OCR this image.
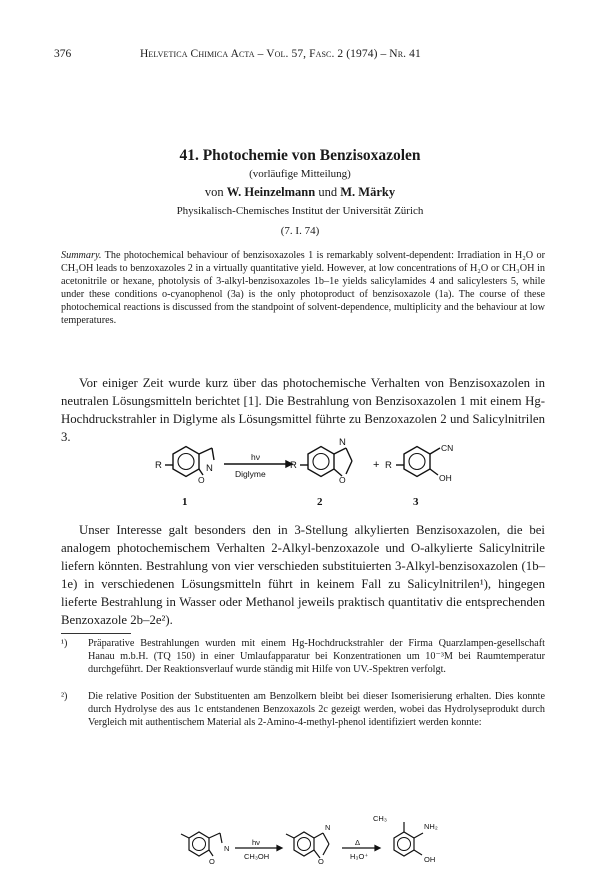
376	Helvetica Chimica Acta – Vol. 57, Fasc. 2 (1974) – Nr. 41
41. Photochemie von Benzisoxazolen
(vorläufige Mitteilung)
von W. Heinzelmann und M. Märky
Physikalisch-Chemisches Institut der Universität Zürich
(7. I. 74)
Summary. The photochemical behaviour of benzisoxazoles 1 is remarkably solvent-dependent: Irradiation in H₂O or CH₃OH leads to benzoxazoles 2 in a virtually quantitative yield. However, at low concentrations of H₂O or CH₃OH in acetonitrile or hexane, photolysis of 3-alkyl-benzisoxazoles 1b–1e yields salicylamides 4 and salicylesters 5, while under these conditions o-cyanophenol (3a) is the only photoproduct of benzisoxazole (1a). The course of these photochemical reactions is discussed from the standpoint of solvent-dependence, multiplicity and the behaviour at low temperatures.
Vor einiger Zeit wurde kurz über das photochemische Verhalten von Benzisoxazolen in neutralen Lösungsmitteln berichtet [1]. Die Bestrahlung von Benzisoxazolen 1 mit einem Hg-Hochdruckstrahler in Diglyme als Lösungsmittel führte zu Benzoxazolen 2 und Salicylnitrilen 3.
R	N
O
hν
Diglyme
R
N
O
+ R
CN
OH
1	2	3
N
O
hν
CH₃OH
N
O
Δ
H₃O⁺
CH₃
NH₂
OH
Unser Interesse galt besonders den in 3-Stellung alkylierten Benzisoxazolen, die bei analogem photochemischem Verhalten 2-Alkyl-benzoxazole und O-alkylierte Salicylnitrile liefern könnten. Bestrahlung von vier verschieden substituierten 3-Alkyl-benzisoxazolen (1b–1e) in verschiedenen Lösungsmitteln führt in keinem Fall zu Salicylnitrilen¹), hingegen lieferte Bestrahlung in Wasser oder Methanol jeweils praktisch quantitativ die entsprechenden Benzoxazole 2b–2e²).
¹) Präparative Bestrahlungen wurden mit einem Hg-Hochdruckstrahler der Firma Quarzlampen-gesellschaft Hanau m.b.H. (TQ 150) in einer Umlaufapparatur bei Konzentrationen um 10⁻³M bei Raumtemperatur durchgeführt. Der Reaktionsverlauf wurde ständig mit Hilfe von UV.-Spektren verfolgt.
²) Die relative Position der Substituenten am Benzolkern bleibt bei dieser Isomerisierung erhalten. Dies konnte durch Hydrolyse des aus 1c entstandenen Benzoxazols 2c gezeigt werden, wobei das Hydrolyseprodukt durch Vergleich mit authentischem Material als 2-Amino-4-methyl-phenol identifiziert werden konnte:
